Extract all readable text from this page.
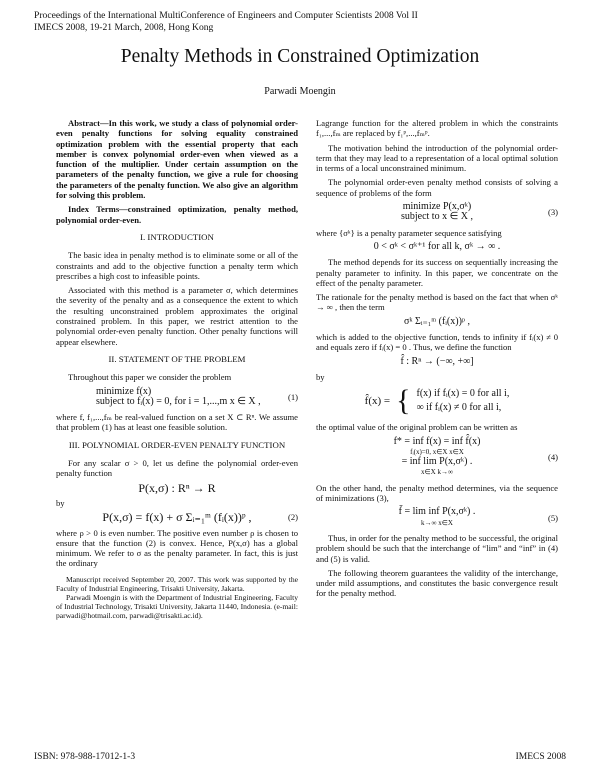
Proceedings of the International MultiConference of Engineers and Computer Scientists 2008 Vol II
IMECS 2008, 19-21 March, 2008, Hong Kong
Penalty Methods in Constrained Optimization
Parwadi Moengin

Abstract—In this work, we study a class of polynomial order-even penalty functions for solving equality constrained optimization problem with the essential property that each member is convex polynomial order-even when viewed as a function of the multiplier. Under certain assumption on the parameters of the penalty function, we give a rule for choosing the parameters of the penalty function. We also give an algorithm for solving this problem.

Index Terms—constrained optimization, penalty method, polynomial order-even.

I. INTRODUCTION

The basic idea in penalty method is to eliminate some or all of the constraints and add to the objective function a penalty term which prescribes a high cost to infeasible points.

Associated with this method is a parameter σ, which determines the severity of the penalty and as a consequence the extent to which the resulting unconstrained problem approximates the original constrained problem. In this paper, we restrict attention to the polynomial order-even penalty function. Other penalty functions will appear elsewhere.

II. STATEMENT OF THE PROBLEM

Throughout this paper we consider the problem

minimize f(x)
subject to fᵢ(x) = 0, for i = 1,...,m x ∈ X ,	(1)

where f, f₁,...,fₘ be real-valued function on a set X ⊂ Rⁿ. We assume that problem (1) has at least one feasible solution.

III. POLYNOMIAL ORDER-EVEN PENALTY FUNCTION

For any scalar σ > 0, let us define the polynomial order-even penalty function

P(x,σ) : Rⁿ → R

by

P(x,σ) = f(x) + σ Σᵢ₌₁ᵐ (fᵢ(x))ᵖ ,	(2)

where ρ > 0 is even number. The positive even number ρ is chosen to ensure that the function (2) is convex. Hence, P(x,σ) has a global minimum. We refer to σ as the penalty parameter. In fact, this is just the ordinary

Manuscript received September 20, 2007. This work was supported by the Faculty of Industrial Engineering, Trisakti University, Jakarta.

Parwadi Moengin is with the Department of Industrial Engineering, Faculty of Industrial Technology, Trisakti University, Jakarta 11440, Indonesia. (e-mail: parwadi@hotmail.com, parwadi@trisakti.ac.id).

Lagrange function for the altered problem in which the constraints f₁,...,fₘ are replaced by f₁ᵖ,...,fₘᵖ.

The motivation behind the introduction of the polynomial order-term that they may lead to a representation of a local optimal solution in terms of a local unconstrained minimum.

The polynomial order-even penalty method consists of solving a sequence of problems of the form

minimize P(x,σᵏ)
subject to x ∈ X ,	(3)

where {σᵏ} is a penalty parameter sequence satisfying

0 < σᵏ < σᵏ⁺¹ for all k, σᵏ → ∞ .

The method depends for its success on sequentially increasing the penalty parameter to infinity. In this paper, we concentrate on the effect of the penalty parameter.

The rationale for the penalty method is based on the fact that when σᵏ → ∞ , then the term

σᵏ Σᵢ₌₁ᵐ (fᵢ(x))ᵖ ,

which is added to the objective function, tends to infinity if fᵢ(x) ≠ 0 and equals zero if fᵢ(x) = 0 . Thus, we define the function

f̂ : Rⁿ → (−∞, +∞]

by

f̂(x) = { f(x) if fᵢ(x) = 0 for all i,
∞ if fᵢ(x) ≠ 0 for all i,

the optimal value of the original problem can be written as

f* = inf f(x) = inf f̂(x)
fᵢ(x)=0, x∈X x∈X
= inf lim P(x,σᵏ) .
x∈X k→∞
(4)

On the other hand, the penalty method determines, via the sequence of minimizations (3),

f̄ = lim inf P(x,σᵏ) .
k→∞ x∈X
(5)

Thus, in order for the penalty method to be successful, the original problem should be such that the interchange of “lim” and “inf” in (4) and (5) is valid.

The following theorem guarantees the validity of the interchange, under mild assumptions, and constitutes the basic convergence result for the penalty method.

ISBN: 978-988-17012-1-3	IMECS 2008
